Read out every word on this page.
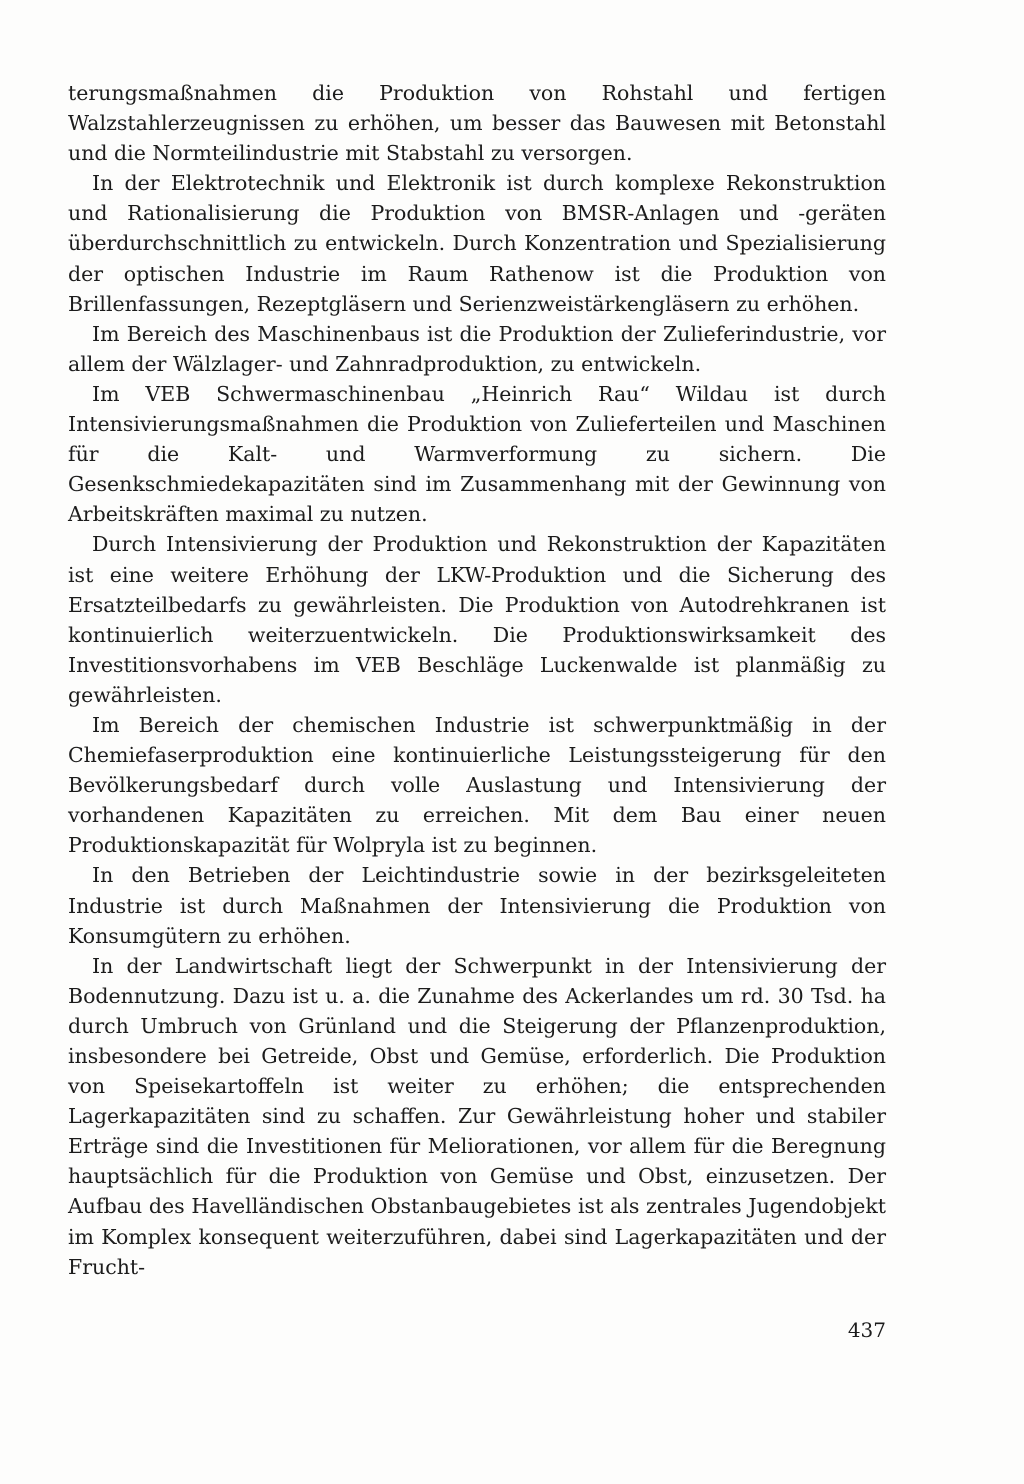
terungsmaßnahmen die Produktion von Rohstahl und fertigen Walzstahlerzeugnissen zu erhöhen, um besser das Bauwesen mit Betonstahl und die Normteilindustrie mit Stabstahl zu versorgen.

In der Elektrotechnik und Elektronik ist durch komplexe Rekonstruktion und Rationalisierung die Produktion von BMSR-Anlagen und -geräten überdurchschnittlich zu entwickeln. Durch Konzentration und Spezialisierung der optischen Industrie im Raum Rathenow ist die Produktion von Brillenfassungen, Rezeptgläsern und Serienzweistärkengläsern zu erhöhen.

Im Bereich des Maschinenbaus ist die Produktion der Zulieferindustrie, vor allem der Wälzlager- und Zahnradproduktion, zu entwickeln.

Im VEB Schwermaschinenbau „Heinrich Rau“ Wildau ist durch Intensivierungsmaßnahmen die Produktion von Zulieferteilen und Maschinen für die Kalt- und Warmverformung zu sichern. Die Gesenkschmiedekapazitäten sind im Zusammenhang mit der Gewinnung von Arbeitskräften maximal zu nutzen.

Durch Intensivierung der Produktion und Rekonstruktion der Kapazitäten ist eine weitere Erhöhung der LKW-Produktion und die Sicherung des Ersatzteilbedarfs zu gewährleisten. Die Produktion von Autodrehkranen ist kontinuierlich weiterzuentwickeln. Die Produktionswirksamkeit des Investitionsvorhabens im VEB Beschläge Luckenwalde ist planmäßig zu gewährleisten.

Im Bereich der chemischen Industrie ist schwerpunktmäßig in der Chemiefaserproduktion eine kontinuierliche Leistungssteigerung für den Bevölkerungsbedarf durch volle Auslastung und Intensivierung der vorhandenen Kapazitäten zu erreichen. Mit dem Bau einer neuen Produktionskapazität für Wolpryla ist zu beginnen.

In den Betrieben der Leichtindustrie sowie in der bezirksgeleiteten Industrie ist durch Maßnahmen der Intensivierung die Produktion von Konsumgütern zu erhöhen.

In der Landwirtschaft liegt der Schwerpunkt in der Intensivierung der Bodennutzung. Dazu ist u. a. die Zunahme des Ackerlandes um rd. 30 Tsd. ha durch Umbruch von Grünland und die Steigerung der Pflanzenproduktion, insbesondere bei Getreide, Obst und Gemüse, erforderlich. Die Produktion von Speisekartoffeln ist weiter zu erhöhen; die entsprechenden Lagerkapazitäten sind zu schaffen. Zur Gewährleistung hoher und stabiler Erträge sind die Investitionen für Meliorationen, vor allem für die Beregnung hauptsächlich für die Produktion von Gemüse und Obst, einzusetzen. Der Aufbau des Havelländischen Obstanbaugebietes ist als zentrales Jugendobjekt im Komplex konsequent weiterzuführen, dabei sind Lagerkapazitäten und der Frucht-

437
